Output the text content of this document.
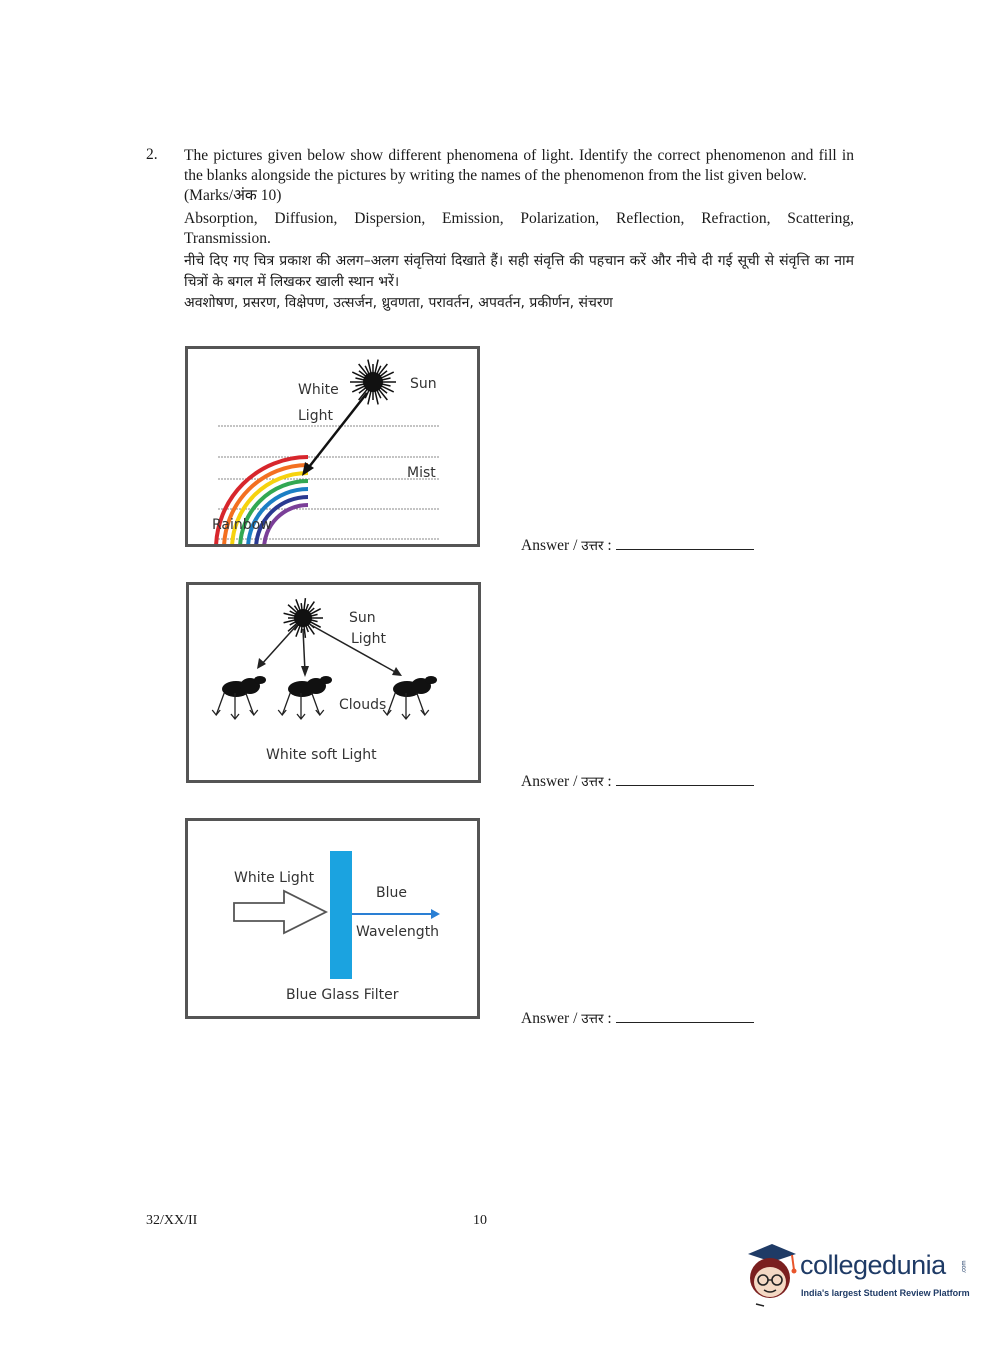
2. The pictures given below show different phenomena of light. Identify the correct phenomenon and fill in the blanks alongside the pictures by writing the names of the phenomenon from the list given below.

(Marks/अंक 10)

Absorption, Diffusion, Dispersion, Emission, Polarization, Reflection, Refraction, Scattering, Transmission.

नीचे दिए गए चित्र प्रकाश की अलग–अलग संवृत्तियां दिखाते हैं। सही संवृत्ति की पहचान करें और नीचे दी गई सूची से संवृत्ति का नाम चित्रों के बगल में लिखकर खाली स्थान भरें।

अवशोषण, प्रसरण, विक्षेपण, उत्सर्जन, ध्रुवणता, परावर्तन, अपवर्तन, प्रकीर्णन, संचरण

White
Light
Sun
Mist
Rainbow
Answer / उत्तर :
Sun
Light
Clouds
White soft Light
Answer / उत्तर :
White Light
Blue
Wavelength
Blue Glass Filter
Answer / उत्तर :
32/XX/II	10
collegedunia	.com
India's largest Student Review Platform
